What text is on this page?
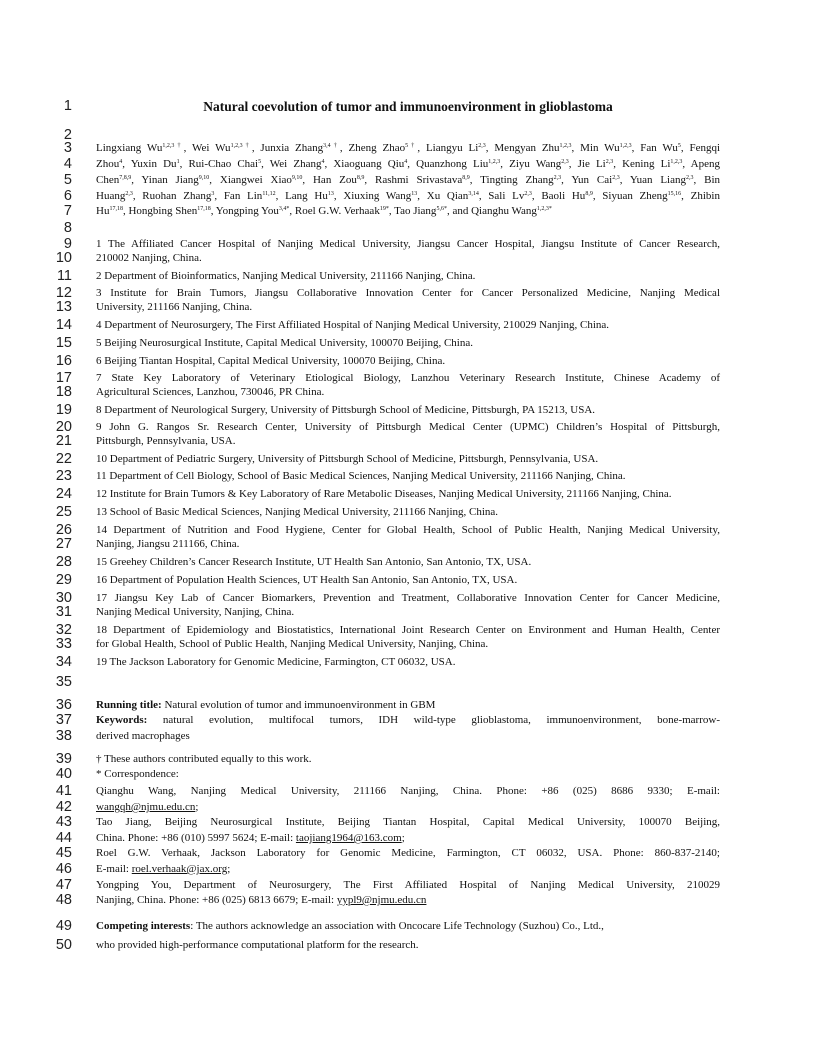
1	Natural coevolution of tumor and immunoenvironment in glioblastoma
2
3 Lingxiang $Wu^{1,2,3\dagger}$, Wei $Wu^{1,2,3\dagger}$, Junxia Zhang$^{3,4\dagger}$, Zheng Zhao$^{5\dagger}$, Liangyu Li$^{2,3}$, Mengyan Zhu$^{1,2,3}$, Min Wu$^{1,2,3}$, Fan Wu$^5$, Fengqi
4 Zhou$^4$, Yuxin Du$^1$, Rui-Chao Chai$^5$, Wei Zhang$^4$, Xiaoguang Qiu$^4$, Quanzhong Liu$^{1,2,3}$, Ziyu Wang$^{2,3}$, Jie Li$^{2,3}$, Kening Li$^{1,2,3}$, Apeng
5 Chen$^{7,8,9}$, Yinan Jiang$^{9,10}$, Xiangwei Xiao$^{9,10}$, Han Zou$^{8,9}$, Rashmi Srivastava$^{8,9}$, Tingting Zhang$^{2,3}$, Yun Cai$^{2,3}$, Yuan Liang$^{2,3}$, Bin
6 Huang$^{2,3}$, Ruohan Zhang$^3$, Fan Lin$^{11,12}$, Lang Hu$^{13}$, Xiuxing Wang$^{13}$, Xu Qian$^{3,14}$, Sali Lv$^{2,3}$, Baoli Hu$^{8,9}$, Siyuan Zheng$^{15,16}$, Zhibin
7 Hu$^{17,18}$, Hongbing Shen$^{17,18}$, Yongping You$^{3,4*}$, Roel G.W. Verhaak$^{19*}$, Tao Jiang$^{5,6*}$, and Qianghu Wang$^{1,2,3*}$
8
9 1 The Affiliated Cancer Hospital of Nanjing Medical University, Jiangsu Cancer Hospital, Jiangsu Institute of Cancer Research,
10 210002 Nanjing, China.
11 2 Department of Bioinformatics, Nanjing Medical University, 211166 Nanjing, China.
12 3 Institute for Brain Tumors, Jiangsu Collaborative Innovation Center for Cancer Personalized Medicine, Nanjing Medical
13 University, 211166 Nanjing, China.
14 4 Department of Neurosurgery, The First Affiliated Hospital of Nanjing Medical University, 210029 Nanjing, China.
15 5 Beijing Neurosurgical Institute, Capital Medical University, 100070 Beijing, China.
16 6 Beijing Tiantan Hospital, Capital Medical University, 100070 Beijing, China.
17 7 State Key Laboratory of Veterinary Etiological Biology, Lanzhou Veterinary Research Institute, Chinese Academy of
18 Agricultural Sciences, Lanzhou, 730046, PR China.
19 8 Department of Neurological Surgery, University of Pittsburgh School of Medicine, Pittsburgh, PA 15213, USA.
20 9 John G. Rangos Sr. Research Center, University of Pittsburgh Medical Center (UPMC) Children’s Hospital of Pittsburgh,
21 Pittsburgh, Pennsylvania, USA.
22 10 Department of Pediatric Surgery, University of Pittsburgh School of Medicine, Pittsburgh, Pennsylvania, USA.
23 11 Department of Cell Biology, School of Basic Medical Sciences, Nanjing Medical University, 211166 Nanjing, China.
24 12 Institute for Brain Tumors & Key Laboratory of Rare Metabolic Diseases, Nanjing Medical University, 211166 Nanjing, China.
25 13 School of Basic Medical Sciences, Nanjing Medical University, 211166 Nanjing, China.
26 14 Department of Nutrition and Food Hygiene, Center for Global Health, School of Public Health, Nanjing Medical University,
27 Nanjing, Jiangsu 211166, China.
28 15 Greehey Children’s Cancer Research Institute, UT Health San Antonio, San Antonio, TX, USA.
29 16 Department of Population Health Sciences, UT Health San Antonio, San Antonio, TX, USA.
30 17 Jiangsu Key Lab of Cancer Biomarkers, Prevention and Treatment, Collaborative Innovation Center for Cancer Medicine,
31 Nanjing Medical University, Nanjing, China.
32 18 Department of Epidemiology and Biostatistics, International Joint Research Center on Environment and Human Health, Center
33 for Global Health, School of Public Health, Nanjing Medical University, Nanjing, China.
34 19 The Jackson Laboratory for Genomic Medicine, Farmington, CT 06032, USA.
35
36 Running title: Natural evolution of tumor and immunoenvironment in GBM
37 Keywords: natural evolution, multifocal tumors, IDH wild-type glioblastoma, immunoenvironment, bone-marrow-
38 derived macrophages
39 † These authors contributed equally to this work.
40 * Correspondence:
41 Qianghu Wang, Nanjing Medical University, 211166 Nanjing, China. Phone: +86 (025) 8686 9330; E-mail:
42 wangqh@njmu.edu.cn;
43 Tao Jiang, Beijing Neurosurgical Institute, Beijing Tiantan Hospital, Capital Medical University, 100070 Beijing,
44 China. Phone: +86 (010) 5997 5624; E-mail: taojiang1964@163.com;
45 Roel G.W. Verhaak, Jackson Laboratory for Genomic Medicine, Farmington, CT 06032, USA. Phone: 860-837-2140;
46 E-mail: roel.verhaak@jax.org;
47 Yongping You, Department of Neurosurgery, The First Affiliated Hospital of Nanjing Medical University, 210029
48 Nanjing, China. Phone: +86 (025) 6813 6679; E-mail: yypl9@njmu.edu.cn
49 Competing interests: The authors acknowledge an association with Oncocare Life Technology (Suzhou) Co., Ltd.,
50 who provided high-performance computational platform for the research.
